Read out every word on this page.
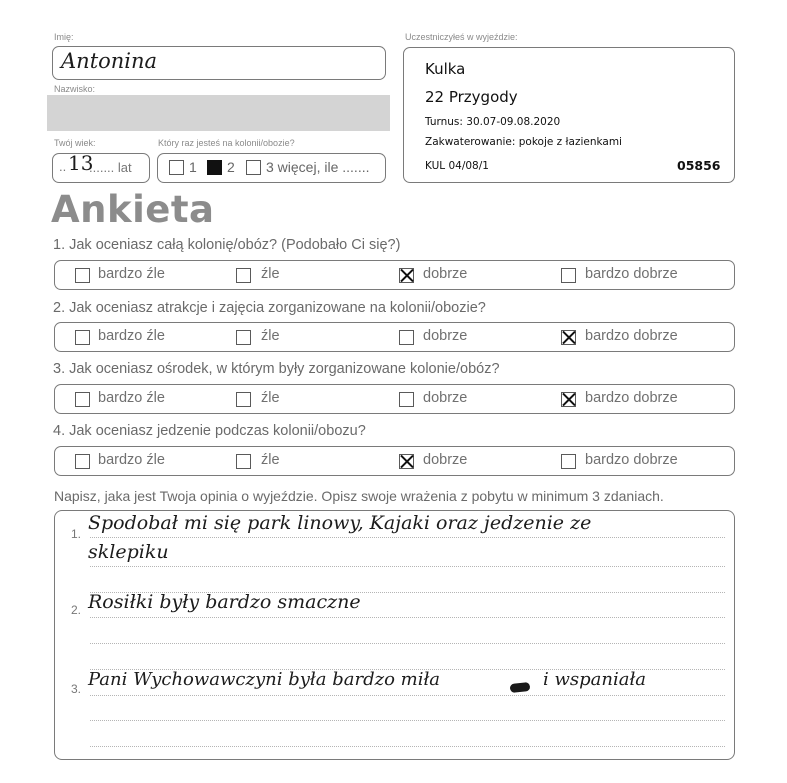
Imię:
Antonina
Nazwisko:
Twój wiek:
.. 13
....... lat
Który raz jesteś na kolonii/obozie?
1 2 3 więcej, ile .......
Uczestniczyłeś w wyjeździe:
Kulka
22 Przygody
Turnus: 30.07-09.08.2020
Zakwaterowanie: pokoje z łazienkami
KUL 04/08/1	05856
Ankieta
1. Jak oceniasz całą kolonię/obóz? (Podobało Ci się?)
bardzo źle	źle	dobrze	bardzo dobrze
2. Jak oceniasz atrakcje i zajęcia zorganizowane na kolonii/obozie?
bardzo źle	źle	dobrze	bardzo dobrze
3. Jak oceniasz ośrodek, w którym były zorganizowane kolonie/obóz?
bardzo źle	źle	dobrze	bardzo dobrze
4. Jak oceniasz jedzenie podczas kolonii/obozu?
bardzo źle	źle	dobrze	bardzo dobrze
Napisz, jaka jest Twoja opinia o wyjeździe. Opisz swoje wrażenia z pobytu w minimum 3 zdaniach.
1. Spodobał mi się park linowy, Kajaki oraz jedzenie ze
sklepiku
2. Rosiłki były bardzo smaczne
3. Pani Wychowawczyni była bardzo miła	i wspaniała
